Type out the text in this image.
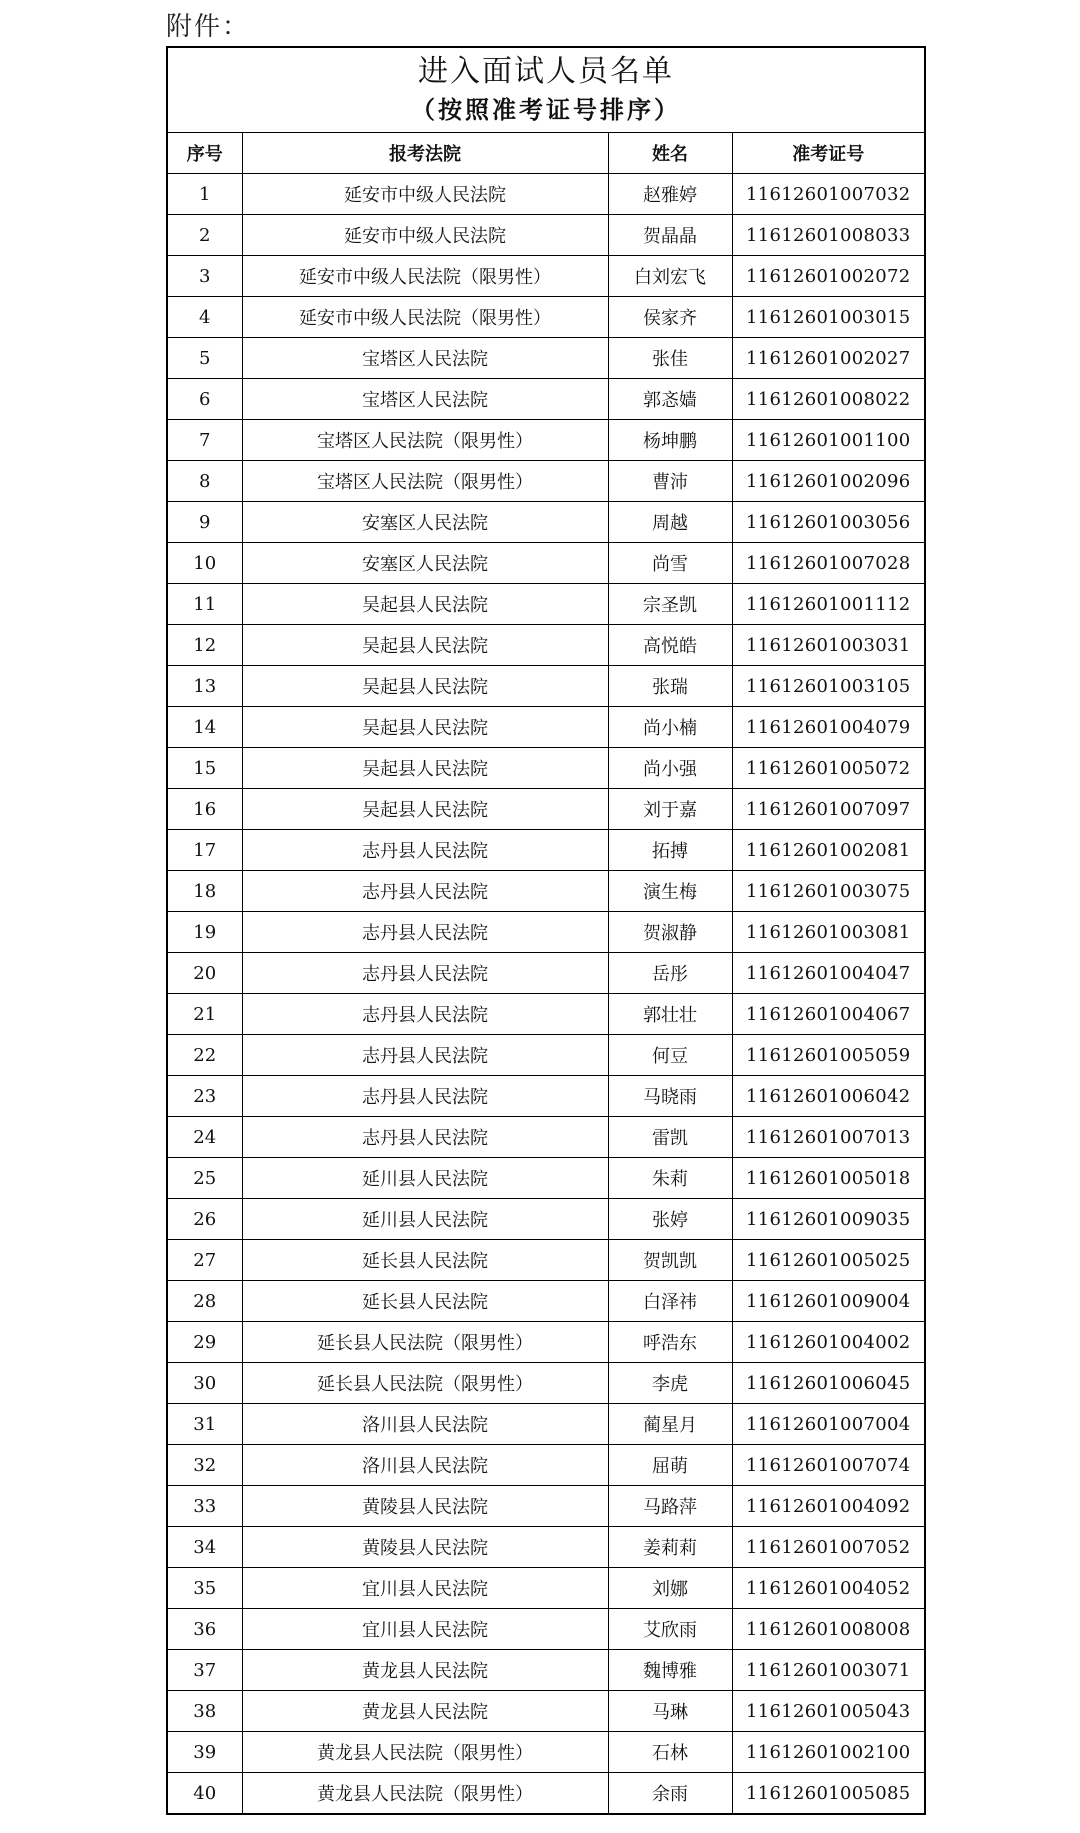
附件：
进入面试人员名单
（按照准考证号排序）
序号	报考法院	姓名	准考证号
1	延安市中级人民法院	赵雅婷	11612601007032
2	延安市中级人民法院	贺晶晶	11612601008033
3	延安市中级人民法院（限男性）	白刘宏飞	11612601002072
4	延安市中级人民法院（限男性）	侯家齐	11612601003015
5	宝塔区人民法院	张佳	11612601002027
6	宝塔区人民法院	郭忞嫱	11612601008022
7	宝塔区人民法院（限男性）	杨坤鹏	11612601001100
8	宝塔区人民法院（限男性）	曹沛	11612601002096
9	安塞区人民法院	周越	11612601003056
10	安塞区人民法院	尚雪	11612601007028
11	吴起县人民法院	宗圣凯	11612601001112
12	吴起县人民法院	高悦皓	11612601003031
13	吴起县人民法院	张瑞	11612601003105
14	吴起县人民法院	尚小楠	11612601004079
15	吴起县人民法院	尚小强	11612601005072
16	吴起县人民法院	刘于嘉	11612601007097
17	志丹县人民法院	拓搏	11612601002081
18	志丹县人民法院	演生梅	11612601003075
19	志丹县人民法院	贺淑静	11612601003081
20	志丹县人民法院	岳彤	11612601004047
21	志丹县人民法院	郭壮壮	11612601004067
22	志丹县人民法院	何豆	11612601005059
23	志丹县人民法院	马晓雨	11612601006042
24	志丹县人民法院	雷凯	11612601007013
25	延川县人民法院	朱莉	11612601005018
26	延川县人民法院	张婷	11612601009035
27	延长县人民法院	贺凯凯	11612601005025
28	延长县人民法院	白泽祎	11612601009004
29	延长县人民法院（限男性）	呼浩东	11612601004002
30	延长县人民法院（限男性）	李虎	11612601006045
31	洛川县人民法院	蔺星月	11612601007004
32	洛川县人民法院	屈萌	11612601007074
33	黄陵县人民法院	马路萍	11612601004092
34	黄陵县人民法院	姜莉莉	11612601007052
35	宜川县人民法院	刘娜	11612601004052
36	宜川县人民法院	艾欣雨	11612601008008
37	黄龙县人民法院	魏博雅	11612601003071
38	黄龙县人民法院	马琳	11612601005043
39	黄龙县人民法院（限男性）	石林	11612601002100
40	黄龙县人民法院（限男性）	余雨	11612601005085
